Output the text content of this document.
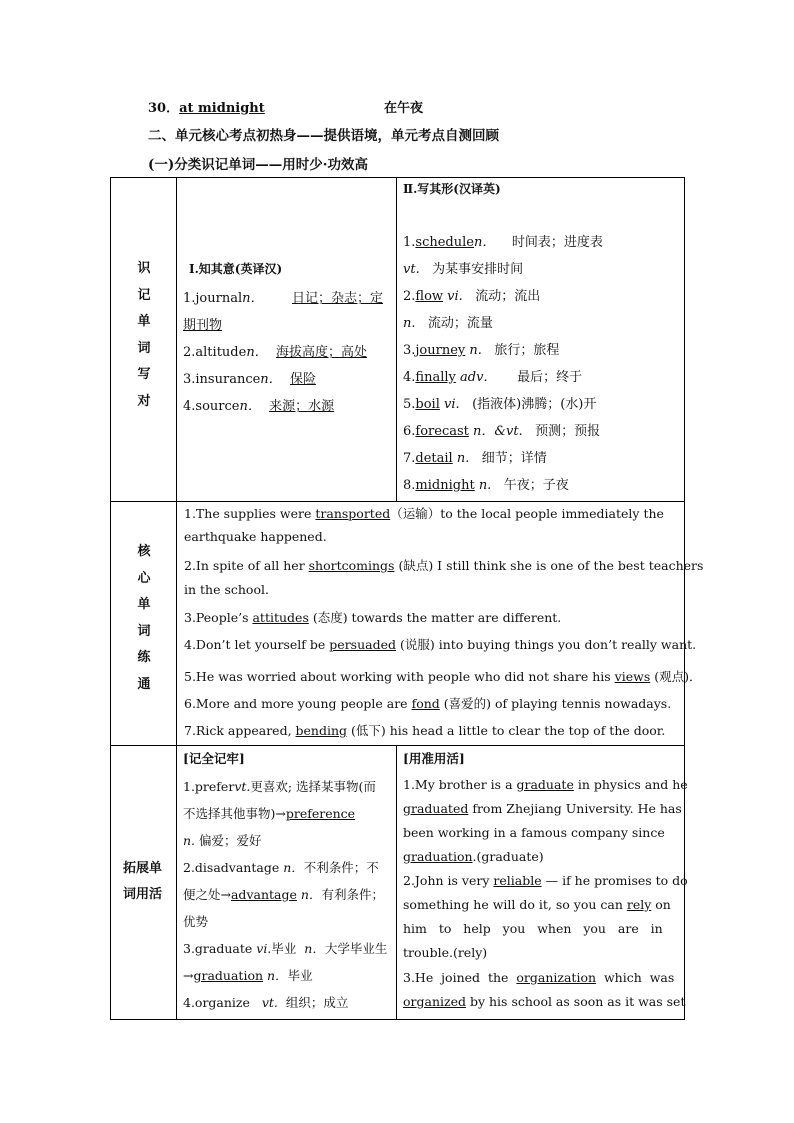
30．at midnight	在午夜
二、单元核心考点初热身——提供语境，单元考点自测回顾
(一)分类识记单词——用时少·功效高
识
记
单
词
写
对
Ⅰ.知其意(英译汉)
1.journaln． 日记；杂志；定
期刊物
2.altituden． 海拔高度；高处
3.insurancen． 保险
4.sourcen． 来源；水源
Ⅱ.写其形(汉译英)
1.schedulen． 时间表；进度表
vt. 为某事安排时间
2.flow vi. 流动；流出
n. 流动；流量
3.journey n. 旅行；旅程
4.finally adv． 最后；终于
5.boil vi. (指液体)沸腾；(水)开
6.forecast n．&vt. 预测；预报
7.detail n. 细节；详情
8.midnight n. 午夜；子夜
核
心
单
词
练
通
1.The supplies were transported（运输）to the local people immediately the
earthquake happened.
2.In spite of all her shortcomings (缺点) I still think she is one of the best teachers
in the school.
3.People’s attitudes (态度) towards the matter are different.
4.Don’t let yourself be persuaded (说服) into buying things you don’t really want.
5.He was worried about working with people who did not share his views (观点)．
6.More and more young people are fond (喜爱的) of playing tennis nowadays.
7.Rick appeared, bending (低下) his head a little to clear the top of the door.
拓展单
词用活
[记全记牢]
1.prefervt.更喜欢; 选择某事物(而
不选择其他事物)→preference
n. 偏爱；爱好
2.disadvantage n．不利条件；不
便之处→advantage n．有利条件；
优势
3.graduate vi.毕业 n．大学毕业生
→graduation n．毕业
4.organize vt. 组织；成立
[用准用活]
1.My brother is a graduate in physics and he
graduated from Zhejiang University. He has
been working in a famous company since
graduation.(graduate)
2.John is very reliable — if he promises to do
something he will do it, so you can rely on
him   to   help   you   when   you   are   in
trouble.(rely)
3.He  joined  the  organization  which  was
organized by his school as soon as it was set
